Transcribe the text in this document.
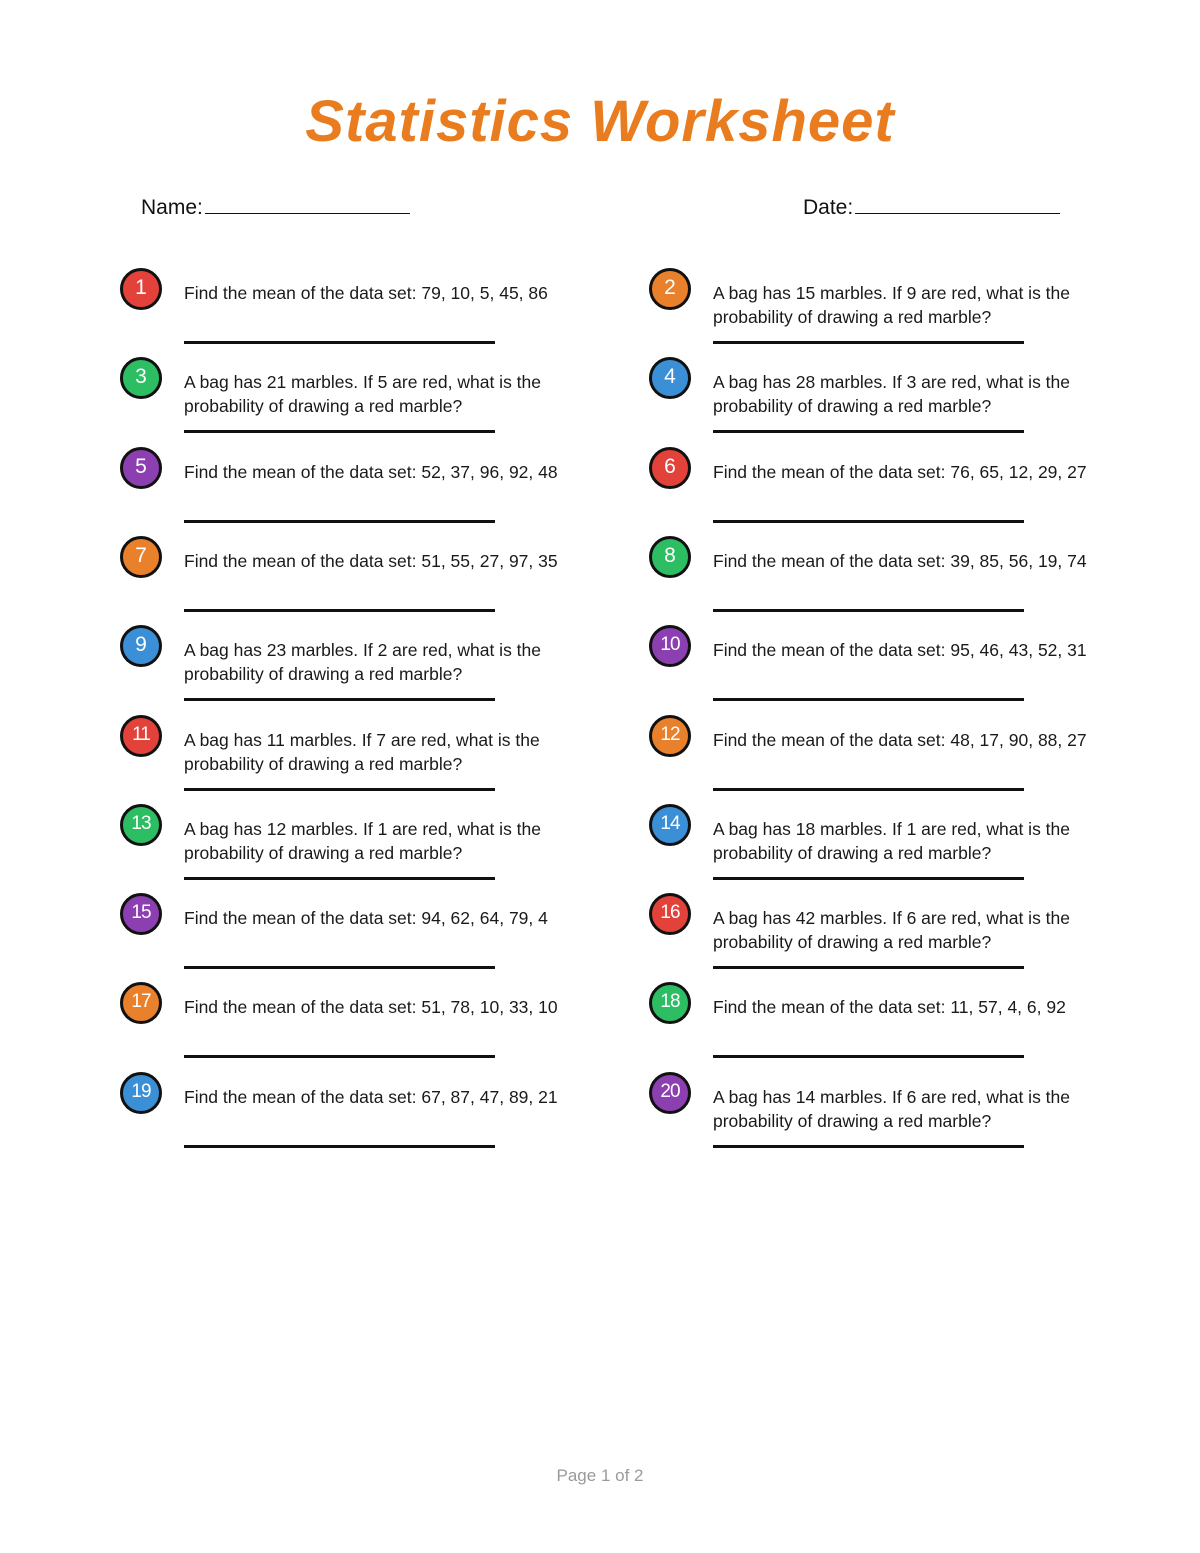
Statistics Worksheet
Name:	Date:
1	Find the mean of the data set: 79, 10, 5, 45, 86	2	A bag has 15 marbles. If 9 are red, what is the probability of drawing a red marble?
3	A bag has 21 marbles. If 5 are red, what is the probability of drawing a red marble?
4	A bag has 28 marbles. If 3 are red, what is the probability of drawing a red marble?
5	Find the mean of the data set: 52, 37, 96, 92, 48	6	Find the mean of the data set: 76, 65, 12, 29, 27
7	Find the mean of the data set: 51, 55, 27, 97, 35	8	Find the mean of the data set: 39, 85, 56, 19, 74
9	A bag has 23 marbles. If 2 are red, what is the probability of drawing a red marble?
10	Find the mean of the data set: 95, 46, 43, 52, 31
11	A bag has 11 marbles. If 7 are red, what is the probability of drawing a red marble?
12	Find the mean of the data set: 48, 17, 90, 88, 27
13	A bag has 12 marbles. If 1 are red, what is the probability of drawing a red marble?
14	A bag has 18 marbles. If 1 are red, what is the probability of drawing a red marble?
15	Find the mean of the data set: 94, 62, 64, 79, 4	16	A bag has 42 marbles. If 6 are red, what is the probability of drawing a red marble?
17	Find the mean of the data set: 51, 78, 10, 33, 10	18	Find the mean of the data set: 11, 57, 4, 6, 92
19	Find the mean of the data set: 67, 87, 47, 89, 21	20	A bag has 14 marbles. If 6 are red, what is the probability of drawing a red marble?
Page 1 of 2
